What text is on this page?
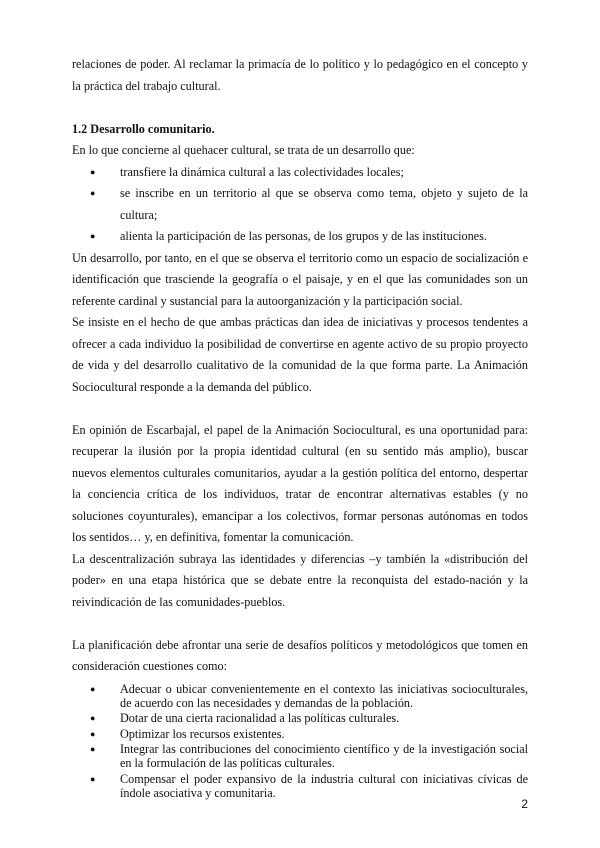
relaciones de poder. Al reclamar la primacía de lo político y lo pedagógico en el concepto y la práctica del trabajo cultural.

1.2 Desarrollo comunitario.

En lo que concierne al quehacer cultural, se trata de un desarrollo que:

● transfiere la dinámica cultural a las colectividades locales;
● se inscribe en un territorio al que se observa como tema, objeto y sujeto de la cultura;
● alienta la participación de las personas, de los grupos y de las instituciones.

Un desarrollo, por tanto, en el que se observa el territorio como un espacio de socialización e identificación que trasciende la geografía o el paisaje, y en el que las comunidades son un referente cardinal y sustancial para la autoorganización y la participación social.

Se insiste en el hecho de que ambas prácticas dan idea de iniciativas y procesos tendentes a ofrecer a cada individuo la posibilidad de convertirse en agente activo de su propio proyecto de vida y del desarrollo cualitativo de la comunidad de la que forma parte. La Animación Sociocultural responde a la demanda del público.

En opinión de Escarbajal, el papel de la Animación Sociocultural, es una oportunidad para: recuperar la ilusión por la propia identidad cultural (en su sentido más amplio), buscar nuevos elementos culturales comunitarios, ayudar a la gestión política del entorno, despertar la conciencia crítica de los individuos, tratar de encontrar alternativas estables (y no soluciones coyunturales), emancipar a los colectivos, formar personas autónomas en todos los sentidos… y, en definitiva, fomentar la comunicación.

La descentralización subraya las identidades y diferencias –y también la «distribución del poder» en una etapa histórica que se debate entre la reconquista del estado-nación y la reivindicación de las comunidades-pueblos.

La planificación debe afrontar una serie de desafíos políticos y metodológicos que tomen en consideración cuestiones como:

● Adecuar o ubicar convenientemente en el contexto las iniciativas socioculturales, de acuerdo con las necesidades y demandas de la población.
● Dotar de una cierta racionalidad a las políticas culturales.
● Optimizar los recursos existentes.
● Integrar las contribuciones del conocimiento científico y de la investigación social en la formulación de las políticas culturales.
● Compensar el poder expansivo de la industria cultural con iniciativas cívicas de índole asociativa y comunitaria.
2
